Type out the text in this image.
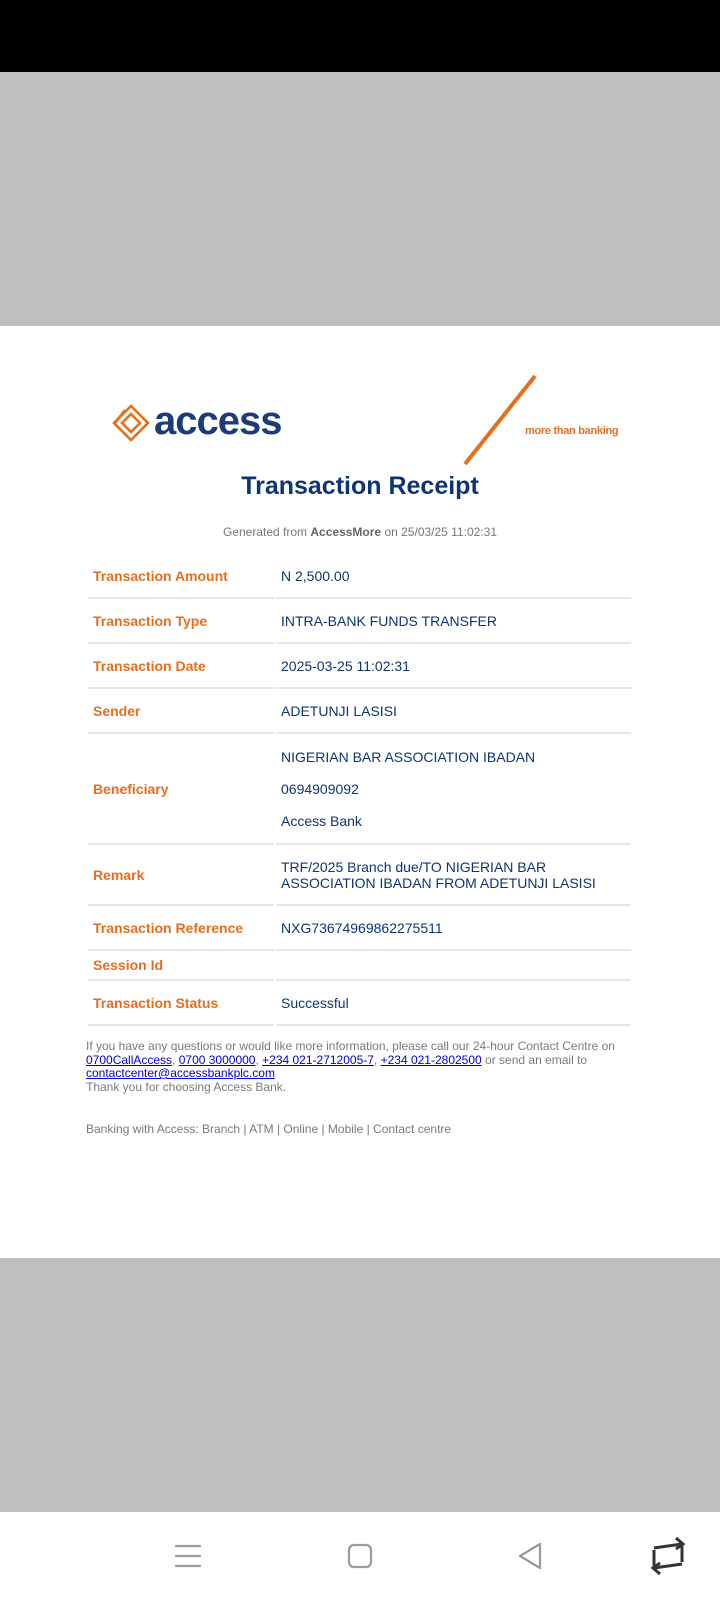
access	more than banking
Transaction Receipt
Generated from AccessMore on 25/03/25 11:02:31
Transaction Amount	N 2,500.00
Transaction Type	INTRA-BANK FUNDS TRANSFER
Transaction Date	2025-03-25 11:02:31
Sender	ADETUNJI LASISI
Beneficiary	NIGERIAN BAR ASSOCIATION IBADAN
0694909092
Access Bank

Remark	TRF/2025 Branch due/TO NIGERIAN BAR
ASSOCIATION IBADAN FROM ADETUNJI LASISI

Transaction Reference	NXG73674969862275511
Session Id	
Transaction Status	Successful
If you have any questions or would like more information, please call our 24-hour Contact Centre on
0700CallAccess, 0700 3000000, +234 021-2712005-7, +234 021-2802500 or send an email to
contactcenter@accessbankplc.com
Thank you for choosing Access Bank.
Banking with Access: Branch | ATM | Online | Mobile | Contact centre
